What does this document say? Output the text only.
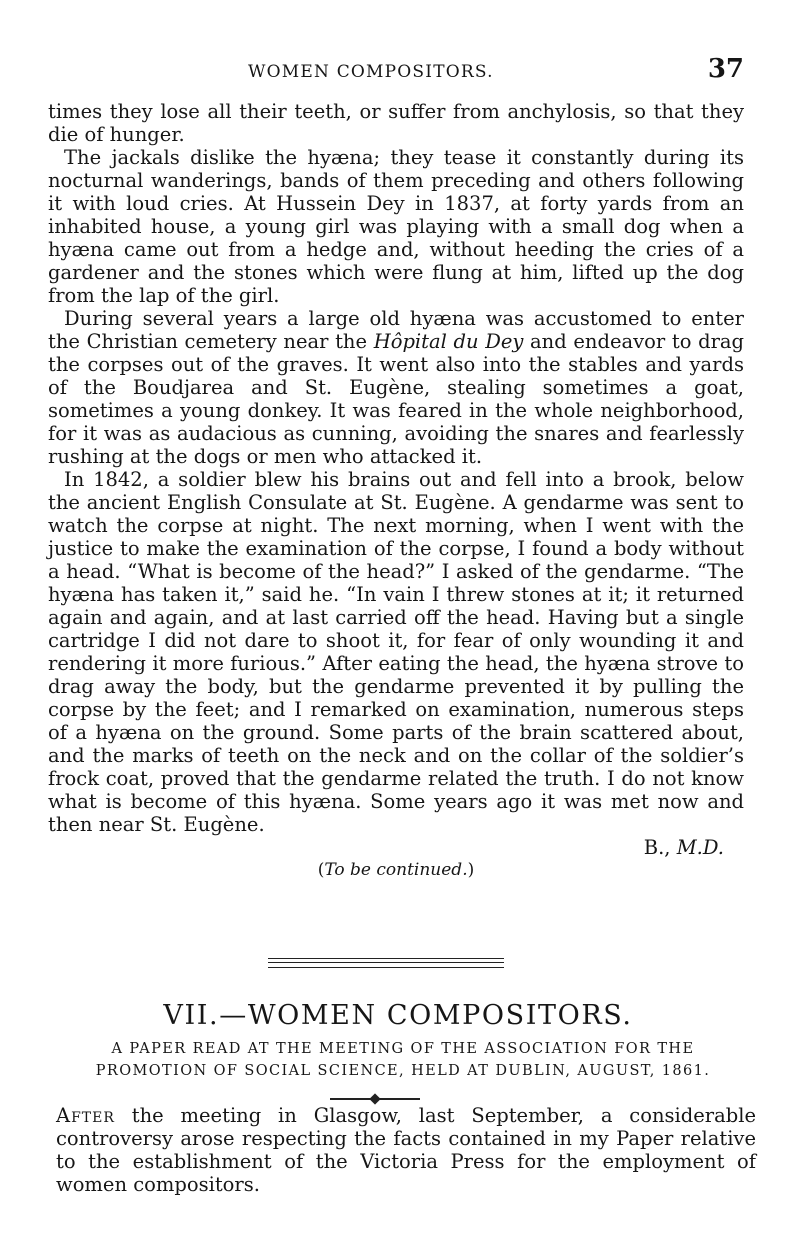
WOMEN COMPOSITORS.	37

times they lose all their teeth, or suffer from anchylosis, so that they die of hunger.

The jackals dislike the hyæna; they tease it constantly during its nocturnal wanderings, bands of them preceding and others following it with loud cries. At Hussein Dey in 1837, at forty yards from an inhabited house, a young girl was playing with a small dog when a hyæna came out from a hedge and, without heeding the cries of a gardener and the stones which were flung at him, lifted up the dog from the lap of the girl.

During several years a large old hyæna was accustomed to enter the Christian cemetery near the Hôpital du Dey and endeavor to drag the corpses out of the graves. It went also into the stables and yards of the Boudjarea and St. Eugène, stealing sometimes a goat, sometimes a young donkey. It was feared in the whole neighborhood, for it was as audacious as cunning, avoiding the snares and fearlessly rushing at the dogs or men who attacked it.

In 1842, a soldier blew his brains out and fell into a brook, below the ancient English Consulate at St. Eugène. A gendarme was sent to watch the corpse at night. The next morning, when I went with the justice to make the examination of the corpse, I found a body without a head. “What is become of the head?” I asked of the gendarme. “The hyæna has taken it,” said he. “In vain I threw stones at it; it returned again and again, and at last carried off the head. Having but a single cartridge I did not dare to shoot it, for fear of only wounding it and rendering it more furious.” After eating the head, the hyæna strove to drag away the body, but the gendarme prevented it by pulling the corpse by the feet; and I remarked on examination, numerous steps of a hyæna on the ground. Some parts of the brain scattered about, and the marks of teeth on the neck and on the collar of the soldier’s frock coat, proved that the gendarme related the truth. I do not know what is become of this hyæna. Some years ago it was met now and then near St. Eugène.

B., M.D.

(To be continued.)

VII.—WOMEN COMPOSITORS.
A PAPER READ AT THE MEETING OF THE ASSOCIATION FOR THE
PROMOTION OF SOCIAL SCIENCE, HELD AT DUBLIN, AUGUST, 1861.

After the meeting in Glasgow, last September, a considerable controversy arose respecting the facts contained in my Paper relative to the establishment of the Victoria Press for the employment of women compositors.
